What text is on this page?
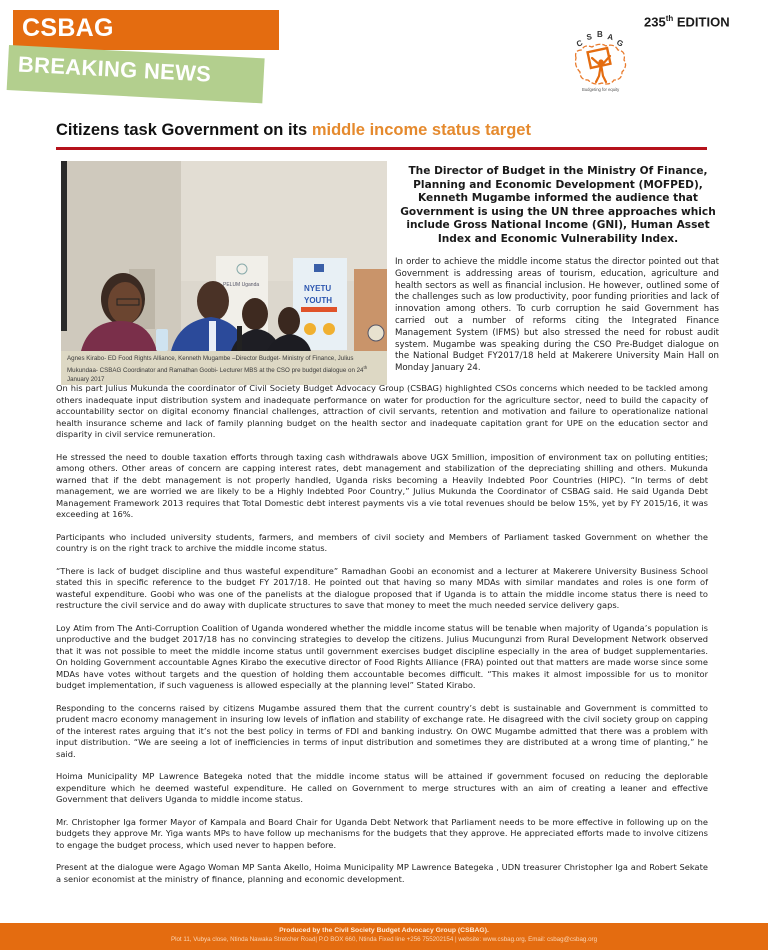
CSBAG
BREAKING NEWS
235th EDITION
C
S B A
G
Budgeting for equity
Citizens task Government on its middle income status target
PELUM Uganda	NYETU
YOUTH
Agnes Kirabo- ED Food Rights Alliance, Kenneth Mugambe –Director Budget- Ministry of Finance, Julius Mukundaa- CSBAG Coordinator and Ramathan Goobi- Lecturer MBS at the CSO pre budget dialogue on 24th January 2017
The Director of Budget in the Ministry Of Finance, Planning and Economic Development (MOFPED), Kenneth Mugambe informed the audience that Government is using the UN three approaches which include Gross National Income (GNI), Human Asset Index and Economic Vulnerability Index.
In order to achieve the middle income status the director pointed out that Government is addressing areas of tourism, education, agriculture and health sectors as well as financial inclusion. He however, outlined some of the challenges such as low productivity, poor funding priorities and lack of innovation among others. To curb corruption he said Government has carried out a number of reforms citing the Integrated Finance Management System (IFMS) but also stressed the need for robust audit system. Mugambe was speaking during the CSO Pre-Budget dialogue on the National Budget FY2017/18 held at Makerere University Main Hall on Monday January 24.

On his part Julius Mukunda the coordinator of Civil Society Budget Advocacy Group (CSBAG) highlighted CSOs concerns which needed to be tackled among others inadequate input distribution system and inadequate performance on water for production for the agriculture sector, need to build the capacity of accountability sector on digital economy financial challenges, attraction of civil servants, retention and motivation and failure to operationalize national health insurance scheme and lack of family planning budget on the health sector and inadequate capitation grant for UPE on the education sector and disparity in civil service remuneration.

He stressed the need to double taxation efforts through taxing cash withdrawals above UGX 5million, imposition of environment tax on polluting entities; among others. Other areas of concern are capping interest rates, debt management and stabilization of the depreciating shilling and others. Mukunda warned that if the debt management is not properly handled, Uganda risks becoming a Heavily Indebted Poor Countries (HIPC). “In terms of debt management, we are worried we are likely to be a Highly Indebted Poor Country,” Julius Mukunda the Coordinator of CSBAG said. He said Uganda Debt Management Framework 2013 requires that Total Domestic debt interest payments vis a vie total revenues should be below 15%, yet by FY 2015/16, it was exceeding at 16%.

Participants who included university students, farmers, and members of civil society and Members of Parliament tasked Government on whether the country is on the right track to archive the middle income status.

“There is lack of budget discipline and thus wasteful expenditure” Ramadhan Goobi an economist and a lecturer at Makerere University Business School stated this in specific reference to the budget FY 2017/18. He pointed out that having so many MDAs with similar mandates and roles is one form of wasteful expenditure. Goobi who was one of the panelists at the dialogue proposed that if Uganda is to attain the middle income status there is need to restructure the civil service and do away with duplicate structures to save that money to meet the much needed service delivery gaps.

Loy Atim from The Anti-Corruption Coalition of Uganda wondered whether the middle income status will be tenable when majority of Uganda’s population is unproductive and the budget 2017/18 has no convincing strategies to develop the citizens. Julius Mucungunzi from Rural Development Network observed that it was not possible to meet the middle income status until government exercises budget discipline especially in the area of budget supplementaries. On holding Government accountable Agnes Kirabo the executive director of Food Rights Alliance (FRA) pointed out that matters are made worse since some MDAs have votes without targets and the question of holding them accountable becomes difficult. “This makes it almost impossible for us to monitor budget implementation, if such vagueness is allowed especially at the planning level” Stated Kirabo.

Responding to the concerns raised by citizens Mugambe assured them that the current country’s debt is sustainable and Government is committed to prudent macro economy management in insuring low levels of inflation and stability of exchange rate. He disagreed with the civil society group on capping of the interest rates arguing that it’s not the best policy in terms of FDI and banking industry. On OWC Mugambe admitted that there was a problem with input distribution. “We are seeing a lot of inefficiencies in terms of input distribution and sometimes they are distributed at a wrong time of planting,” he said.

Hoima Municipality MP Lawrence Bategeka noted that the middle income status will be attained if government focused on reducing the deplorable expenditure which he deemed wasteful expenditure. He called on Government to merge structures with an aim of creating a leaner and effective Government that delivers Uganda to middle income status.

Mr. Christopher Iga former Mayor of Kampala and Board Chair for Uganda Debt Network that Parliament needs to be more effective in following up on the budgets they approve Mr. Yiga wants MPs to have follow up mechanisms for the budgets that they approve. He appreciated efforts made to involve citizens to engage the budget process, which used never to happen before.

Present at the dialogue were Agago Woman MP Santa Akello, Hoima Municipality MP Lawrence Bategeka , UDN treasurer Christopher Iga and Robert Sekate a senior economist at the ministry of finance, planning and economic development.

Produced by the Civil Society Budget Advocacy Group (CSBAG).
Plot 11, Vubya close, Ntinda Nawaka Stretcher Road| P.O BOX 660, Ntinda Fixed line +256 755202154 | website: www.csbag.org, Email: csbag@csbag.org
